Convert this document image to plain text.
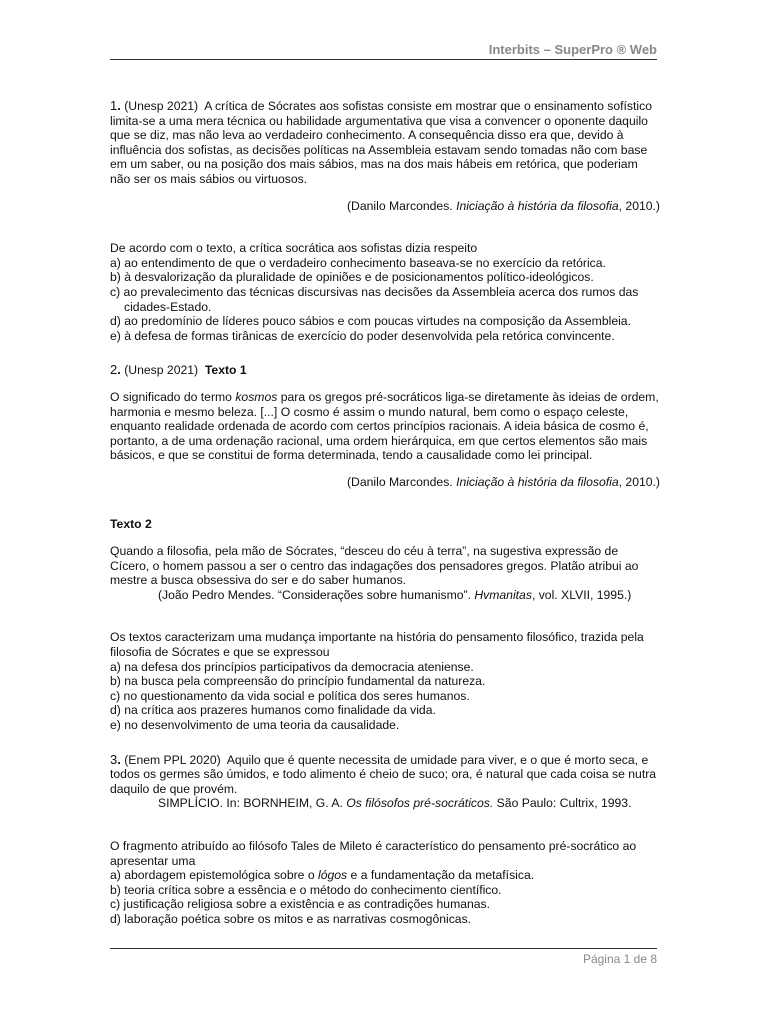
Interbits – SuperPro ® Web

1. (Unesp 2021) A crítica de Sócrates aos sofistas consiste em mostrar que o ensinamento sofístico limita-se a uma mera técnica ou habilidade argumentativa que visa a convencer o oponente daquilo que se diz, mas não leva ao verdadeiro conhecimento. A consequência disso era que, devido à influência dos sofistas, as decisões políticas na Assembleia estavam sendo tomadas não com base em um saber, ou na posição dos mais sábios, mas na dos mais hábeis em retórica, que poderiam não ser os mais sábios ou virtuosos.

(Danilo Marcondes. Iniciação à história da filosofia, 2010.)

De acordo com o texto, a crítica socrática aos sofistas dizia respeito

a) ao entendimento de que o verdadeiro conhecimento baseava-se no exercício da retórica.

b) à desvalorização da pluralidade de opiniões e de posicionamentos político-ideológicos.

c) ao prevalecimento das técnicas discursivas nas decisões da Assembleia acerca dos rumos das cidades-Estado.

d) ao predomínio de líderes pouco sábios e com poucas virtudes na composição da Assembleia.

e) à defesa de formas tirânicas de exercício do poder desenvolvida pela retórica convincente.

2. (Unesp 2021) Texto 1

O significado do termo kosmos para os gregos pré-socráticos liga-se diretamente às ideias de ordem, harmonia e mesmo beleza. [...] O cosmo é assim o mundo natural, bem como o espaço celeste, enquanto realidade ordenada de acordo com certos princípios racionais. A ideia básica de cosmo é, portanto, a de uma ordenação racional, uma ordem hierárquica, em que certos elementos são mais básicos, e que se constitui de forma determinada, tendo a causalidade como lei principal.

(Danilo Marcondes. Iniciação à história da filosofia, 2010.)

Texto 2

Quando a filosofia, pela mão de Sócrates, “desceu do céu à terra”, na sugestiva expressão de Cícero, o homem passou a ser o centro das indagações dos pensadores gregos. Platão atribui ao mestre a busca obsessiva do ser e do saber humanos.

(João Pedro Mendes. “Considerações sobre humanismo”. Hvmanitas, vol. XLVII, 1995.)

Os textos caracterizam uma mudança importante na história do pensamento filosófico, trazida pela filosofia de Sócrates e que se expressou

a) na defesa dos princípios participativos da democracia ateniense.

b) na busca pela compreensão do princípio fundamental da natureza.

c) no questionamento da vida social e política dos seres humanos.

d) na crítica aos prazeres humanos como finalidade da vida.

e) no desenvolvimento de uma teoria da causalidade.

3. (Enem PPL 2020) Aquilo que é quente necessita de umidade para viver, e o que é morto seca, e todos os germes são úmidos, e todo alimento é cheio de suco; ora, é natural que cada coisa se nutra daquilo de que provém.

SIMPLÍCIO. In: BORNHEIM, G. A. Os filósofos pré-socráticos. São Paulo: Cultrix, 1993.

O fragmento atribuído ao filósofo Tales de Mileto é característico do pensamento pré-socrático ao apresentar uma

a) abordagem epistemológica sobre o lógos e a fundamentação da metafísica.

b) teoria crítica sobre a essência e o método do conhecimento científico.

c) justificação religiosa sobre a existência e as contradições humanas.

d) laboração poética sobre os mitos e as narrativas cosmogônicas.

Página 1 de 8
